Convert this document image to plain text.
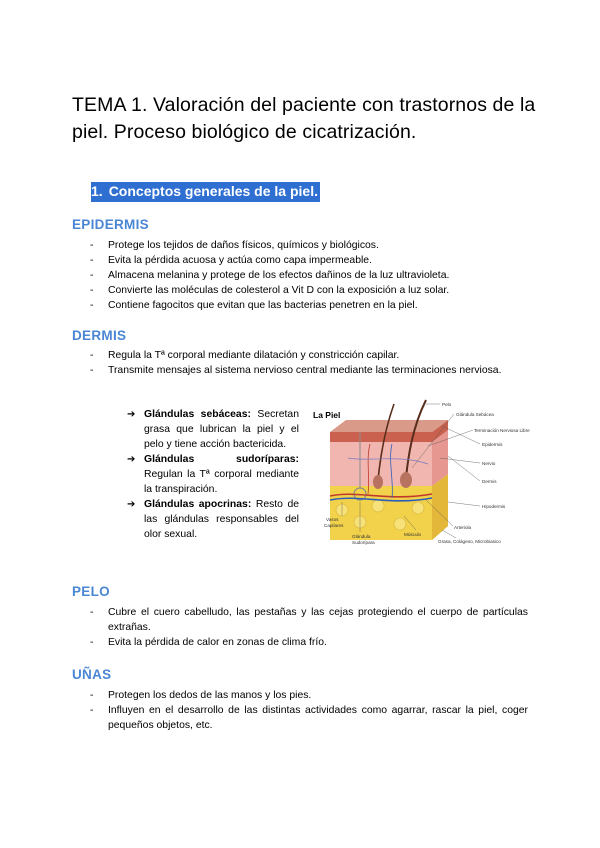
TEMA 1. Valoración del paciente con trastornos de la piel. Proceso biológico de cicatrización.
1. Conceptos generales de la piel.
EPIDERMIS
- Protege los tejidos de daños físicos, químicos y biológicos.
- Evita la pérdida acuosa y actúa como capa impermeable.
- Almacena melanina y protege de los efectos dañinos de la luz ultravioleta.
- Convierte las moléculas de colesterol a Vit D con la exposición a luz solar.
- Contiene fagocitos que evitan que las bacterias penetren en la piel.
DERMIS
- Regula la Tª corporal mediante dilatación y constricción capilar.
- Transmite mensajes al sistema nervioso central mediante las terminaciones nerviosa.
➔ Glándulas sebáceas: Secretan grasa que lubrican la piel y el pelo y tiene acción bactericida.
➔ Glándulas sudoríparas: Regulan la Tª corporal mediante la transpiración.
➔ Glándulas apocrinas: Resto de las glándulas responsables del olor sexual.
La Piel
Pelo
Glándula Sebácea
Terminación Nerviosa Libre
Epidermis
Nervio
Dermis
Hipodermis
Arteriola
Grasa, Colágeno, Microbiasico
Músculo
Vasos
Capilares
Glándula
Sudorípara
PELO
- Cubre el cuero cabelludo, las pestañas y las cejas protegiendo el cuerpo de partículas extrañas.
- Evita la pérdida de calor en zonas de clima frío.
UÑAS
- Protegen los dedos de las manos y los pies.
- Influyen en el desarrollo de las distintas actividades como agarrar, rascar la piel, coger pequeños objetos, etc.
